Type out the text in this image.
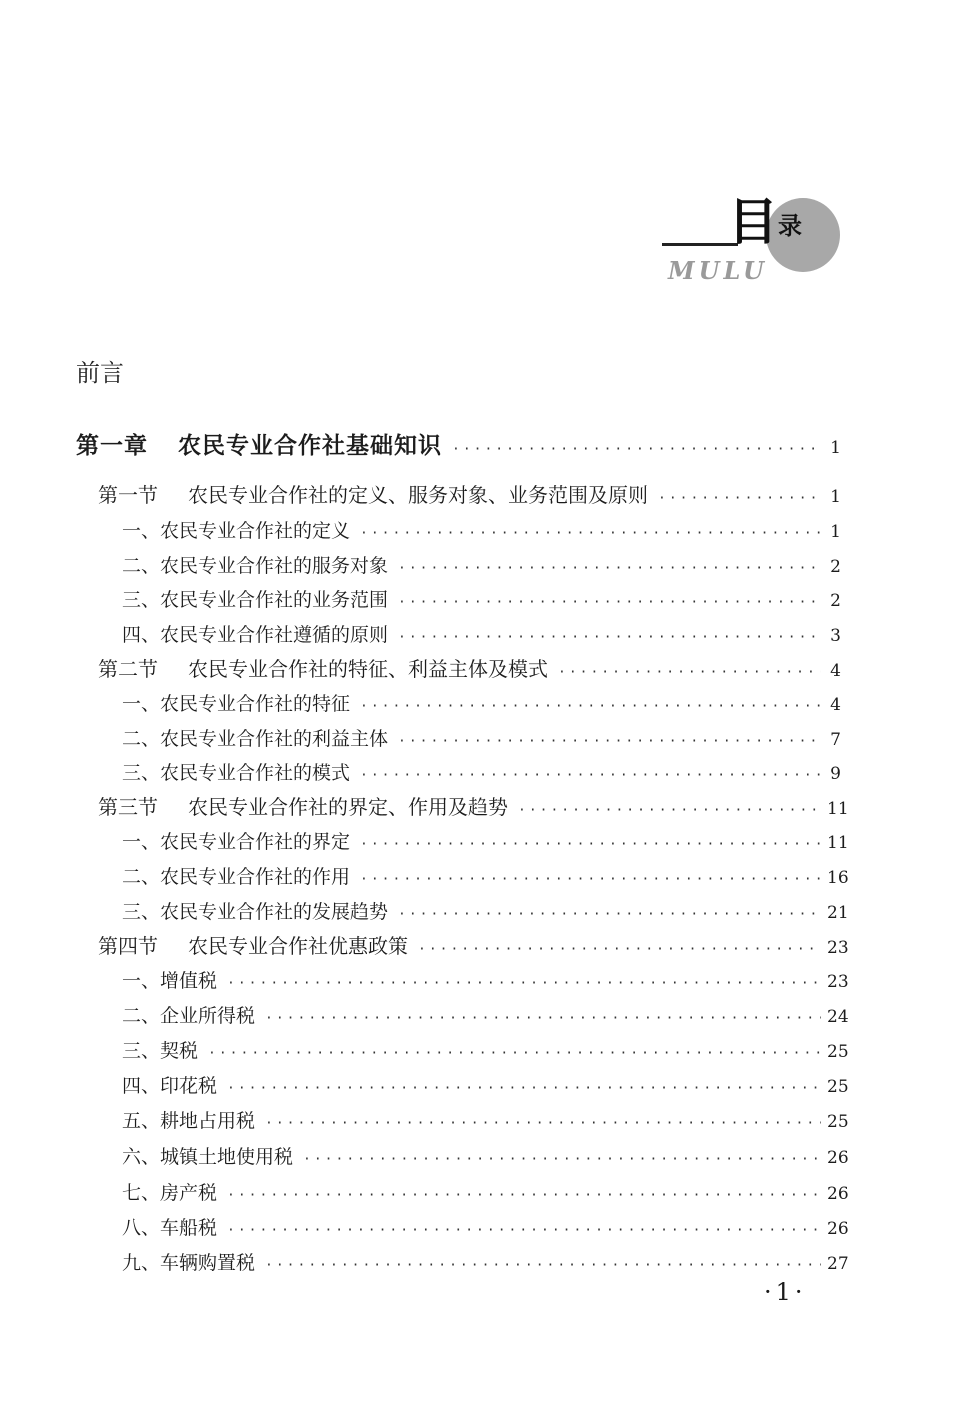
目 录
MULU
前言
第一章 农民专业合作社基础知识 ·····	1
第一节 农民专业合作社的定义、服务对象、业务范围及原则 ·····	1
一、农民专业合作社的定义 ·····	1
二、农民专业合作社的服务对象 ·····	2
三、农民专业合作社的业务范围 ·····	2
四、农民专业合作社遵循的原则 ·····	3
第二节 农民专业合作社的特征、利益主体及模式 ·····	4
一、农民专业合作社的特征 ·····	4
二、农民专业合作社的利益主体 ·····	7
三、农民专业合作社的模式 ·····	9
第三节 农民专业合作社的界定、作用及趋势 ·····	11
一、农民专业合作社的界定 ·····	11
二、农民专业合作社的作用 ·····	16
三、农民专业合作社的发展趋势 ·····	21
第四节 农民专业合作社优惠政策 ·····	23
一、增值税 ·····	23
二、企业所得税 ·····	24
三、契税 ·····	25
四、印花税 ·····	25
五、耕地占用税 ·····	25
六、城镇土地使用税 ·····	26
七、房产税 ·····	26
八、车船税 ·····	26
九、车辆购置税 ·····	27
·1·
